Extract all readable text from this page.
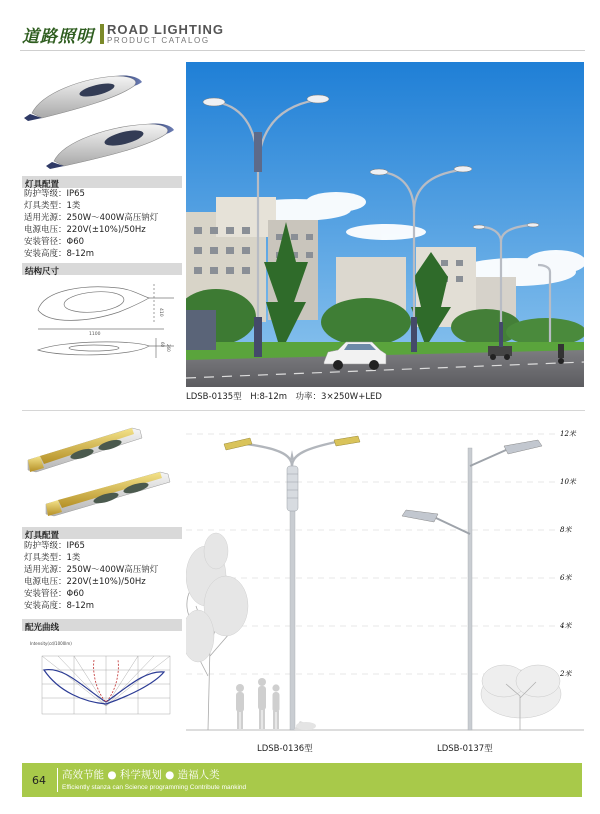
道路照明 ROAD LIGHTING
PRODUCT CATALOG
灯具配置
防护等级：IP65
灯具类型：1类
适用光源：250W～400W高压钠灯
电源电压：220V(±10%)/50Hz
安装管径：Φ60
安装高度：8-12m
结构尺寸
1100
410
60 260
LDSB-0135型　H:8-12m　功率：3×250W+LED
灯具配置
防护等级：IP65
灯具类型：1类
适用光源：250W～400W高压钠灯
电源电压：220V(±10%)/50Hz
安装管径：Φ60
安装高度：8-12m
配光曲线
Intensity(cd/1000lm)
12米
10米
8米
6米
4米
2米
LDSB-0136型	LDSB-0137型
64	高效节能 ● 科学规划 ● 造福人类
Efficiently stanza can Science programming Contribute mankind
